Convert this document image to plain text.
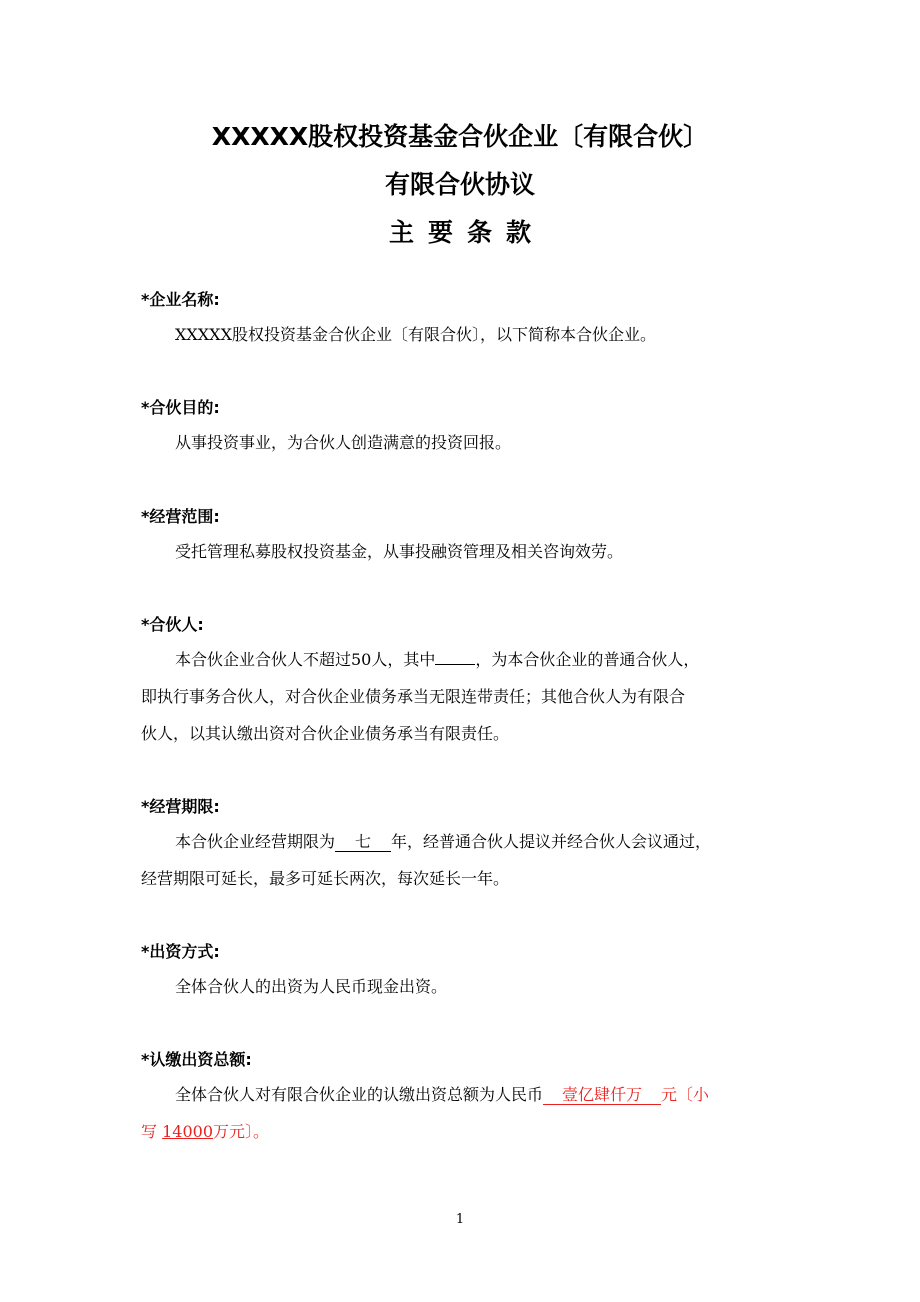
XXXXX股权投资基金合伙企业〔有限合伙〕
有限合伙协议
主要条款
*企业名称:
XXXXX股权投资基金合伙企业〔有限合伙〕，以下简称本合伙企业。
*合伙目的:
从事投资事业，为合伙人创造满意的投资回报。
*经营范围:
受托管理私募股权投资基金，从事投融资管理及相关咨询效劳。
*合伙人:
本合伙企业合伙人不超过50人，其中	，为本合伙企业的普通合伙人，
即执行事务合伙人，对合伙企业债务承当无限连带责任；其他合伙人为有限合
伙人，以其认缴出资对合伙企业债务承当有限责任。
*经营期限:
本合伙企业经营期限为 七 年，经普通合伙人提议并经合伙人会议通过，
经营期限可延长，最多可延长两次，每次延长一年。
*出资方式:
全体合伙人的出资为人民币现金出资。
*认缴出资总额:
全体合伙人对有限合伙企业的认缴出资总额为人民币 壹亿肆仟万 元〔小
写 14000万元〕。
1
